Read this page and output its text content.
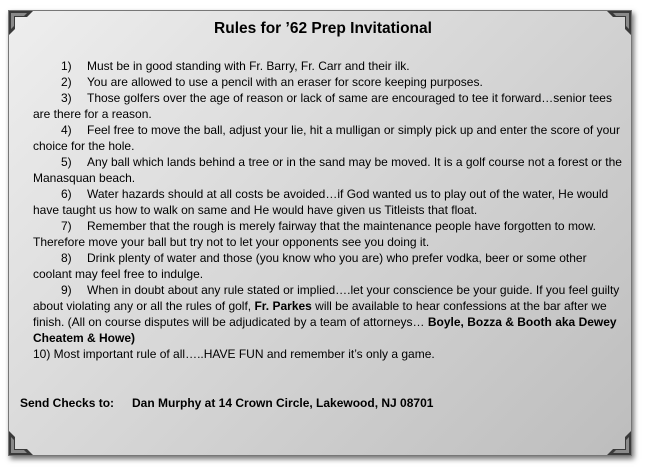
Rules for ’62 Prep Invitational
1) Must be in good standing with Fr. Barry, Fr. Carr and their ilk.
2) You are allowed to use a pencil with an eraser for score keeping purposes.
3) Those golfers over the age of reason or lack of same are encouraged to tee it forward…senior tees are there for a reason.
4) Feel free to move the ball, adjust your lie, hit a mulligan or simply pick up and enter the score of your choice for the hole.
5) Any ball which lands behind a tree or in the sand may be moved. It is a golf course not a forest or the Manasquan beach.
6) Water hazards should at all costs be avoided…if God wanted us to play out of the water, He would have taught us how to walk on same and He would have given us Titleists that float.
7) Remember that the rough is merely fairway that the maintenance people have forgotten to mow. Therefore move your ball but try not to let your opponents see you doing it.
8) Drink plenty of water and those (you know who you are) who prefer vodka, beer or some other coolant may feel free to indulge.
9) When in doubt about any rule stated or implied….let your conscience be your guide. If you feel guilty about violating any or all the rules of golf, Fr. Parkes will be available to hear confessions at the bar after we finish. (All on course disputes will be adjudicated by a team of attorneys… Boyle, Bozza & Booth aka Dewey Cheatem & Howe)
10) Most important rule of all…..HAVE FUN and remember it’s only a game.
Send Checks to: Dan Murphy at 14 Crown Circle, Lakewood, NJ 08701
